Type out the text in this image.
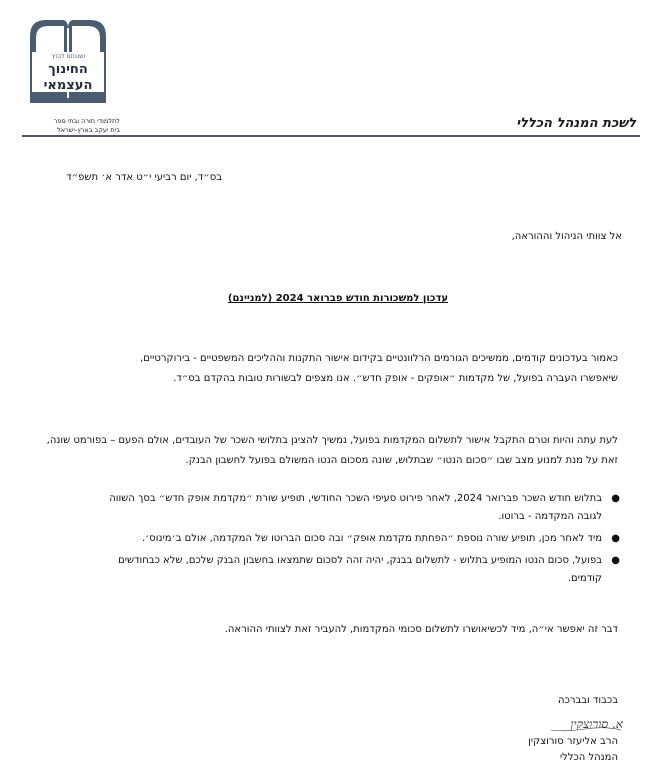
ושננתם לבניך
החינוך
העצמאי
לתלמודי תורה ובתי ספר
בית יעקב בארץ-ישראל	לשכת המנהל הכללי
בס״ד, יום רביעי י״ט אדר א׳ תשפ״ד
אל צוותי הניהול וההוראה,
עדכון למשכורות חודש פברואר 2024 (למניינם)
כאמור בעדכונים קודמים, ממשיכים הגורמים הרלוונטיים בקידום אישור התקנות וההליכים המשפטיים - בירוקרטיים, שיאפשרו העברה בפועל, של מקדמות ״אופקים - אופק חדש״. אנו מצפים לבשורות טובות בהקדם בס״ד.
לעת עתה והיות וטרם התקבל אישור לתשלום המקדמות בפועל, נמשיך להציגן בתלושי השכר של העובדים, אולם הפעם – בפורמט שונה, זאת על מנת למנוע מצב שבו ״סכום הנטו״ שבתלוש, שונה מסכום הנטו המשולם בפועל לחשבון הבנק.
●
בתלוש חודש השכר פברואר 2024, לאחר פירוט סעיפי השכר החודשי, תופיע שורת ״מקדמת אופק חדש״ בסך השווה לגובה המקדמה - ברוטו.
●
מיד לאחר מכן, תופיע שורה נוספת ״הפחתת מקדמת אופק״ ובה סכום הברוטו של המקדמה, אולם ב׳מינוס׳.
●
בפועל, סכום הנטו המופיע בתלוש - לתשלום בבנק, יהיה זהה לסכום שתמצאו בחשבון הבנק שלכם, שלא כבחודשים קודמים.
דבר זה יאפשר אי״ה, מיד לכשיאושרו לתשלום סכומי המקדמות, להעביר זאת לצוותי ההוראה.
בכבוד ובברכה
א. סורוצקין
הרב אליעזר סורוצקין
המנהל הכללי
